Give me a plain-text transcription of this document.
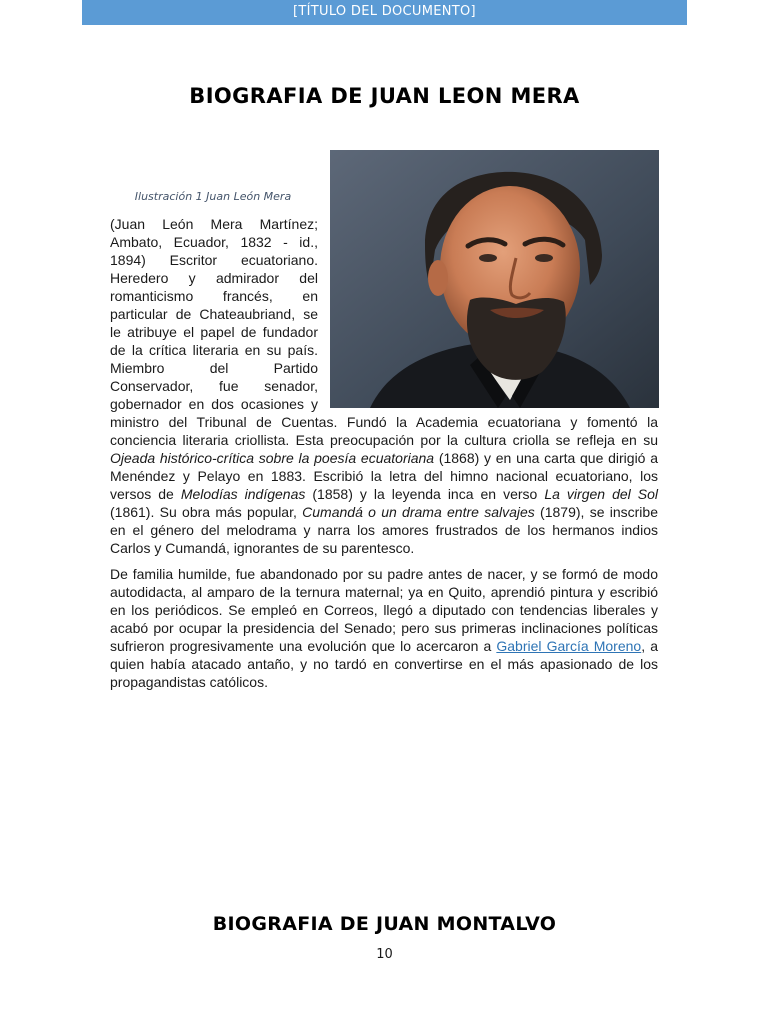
[TÍTULO DEL DOCUMENTO]
BIOGRAFIA DE JUAN LEON MERA
Ilustración 1 Juan León Mera

(Juan León Mera Martínez; Ambato, Ecuador, 1832 - id., 1894) Escritor ecuatoriano. Heredero y admirador del romanticismo francés, en particular de Chateaubriand, se le atribuye el papel de fundador de la crítica literaria en su país. Miembro del Partido Conservador, fue senador, gobernador en dos ocasiones y ministro del Tribunal de Cuentas. Fundó la Academia ecuatoriana y fomentó la conciencia literaria criollista. Esta preocupación por la cultura criolla se refleja en su Ojeada histórico-crítica sobre la poesía ecuatoriana (1868) y en una carta que dirigió a Menéndez y Pelayo en 1883. Escribió la letra del himno nacional ecuatoriano, los versos de Melodías indígenas (1858) y la leyenda inca en verso La virgen del Sol (1861). Su obra más popular, Cumandá o un drama entre salvajes (1879), se inscribe en el género del melodrama y narra los amores frustrados de los hermanos indios Carlos y Cumandá, ignorantes de su parentesco.

De familia humilde, fue abandonado por su padre antes de nacer, y se formó de modo autodidacta, al amparo de la ternura maternal; ya en Quito, aprendió pintura y escribió en los periódicos. Se empleó en Correos, llegó a diputado con tendencias liberales y acabó por ocupar la presidencia del Senado; pero sus primeras inclinaciones políticas sufrieron progresivamente una evolución que lo acercaron a Gabriel García Moreno, a quien había atacado antaño, y no tardó en convertirse en el más apasionado de los propagandistas católicos.

BIOGRAFIA DE JUAN MONTALVO
10
